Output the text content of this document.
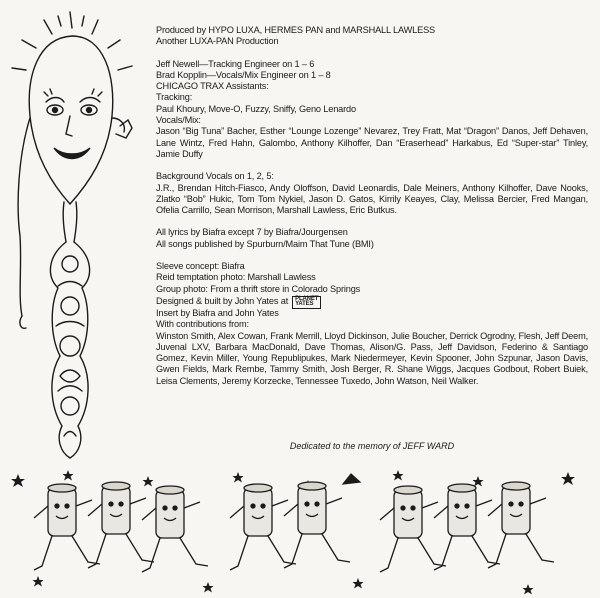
Produced by HYPO LUXA, HERMES PAN and MARSHALL LAWLESS

Another LUXA-PAN Production

Jeff Newell—Tracking Engineer on 1 – 6

Brad Kopplin—Vocals/Mix Engineer on 1 – 8

CHICAGO TRAX Assistants:

Tracking:

Paul Khoury, Move-O, Fuzzy, Sniffy, Geno Lenardo

Vocals/Mix:

Jason “Big Tuna” Bacher, Esther “Lounge Lozenge” Nevarez, Trey Fratt, Mat “Dragon” Danos, Jeff Dehaven, Lane Wintz, Fred Hahn, Galombo, Anthony Kilhoffer, Dan “Eraserhead” Harkabus, Ed “Super-star” Tinley, Jamie Duffy

Background Vocals on 1, 2, 5:

J.R., Brendan Hitch-Fiasco, Andy Oloffson, David Leonardis, Dale Meiners, Anthony Kilhoffer, Dave Nooks, Zlatko “Bob” Hukic, Tom Tom Nykiel, Jason D. Gatos, Kirrily Keayes, Clay, Melissa Bercier, Fred Mangan, Ofelia Carrillo, Sean Morrison, Marshall Lawless, Eric Butkus.

All lyrics by Biafra except 7 by Biafra/Jourgensen

All songs published by Spurburn/Maim That Tune (BMI)

Sleeve concept: Biafra

Reid temptation photo: Marshall Lawless

Group photo: From a thrift store in Colorado Springs

Designed & built by John Yates at PLANET
YATES

Insert by Biafra and John Yates

With contributions from:

Winston Smith, Alex Cowan, Frank Merrill, Lloyd Dickinson, Julie Boucher, Derrick Ogrodny, Flesh, Jeff Deem, Juvenal LXV, Barbara MacDonald, Dave Thomas, Alison/G. Pass, Jeff Davidson, Federino & Santiago Gomez, Kevin Miller, Young Republipukes, Mark Niedermeyer, Kevin Spooner, John Szpunar, Jason Davis, Gwen Fields, Mark Rembe, Tammy Smith, Josh Berger, R. Shane Wiggs, Jacques Godbout, Robert Buiek, Leisa Clements, Jeremy Korzecke, Tennessee Tuxedo, John Watson, Neil Walker.

Dedicated to the memory of JEFF WARD
